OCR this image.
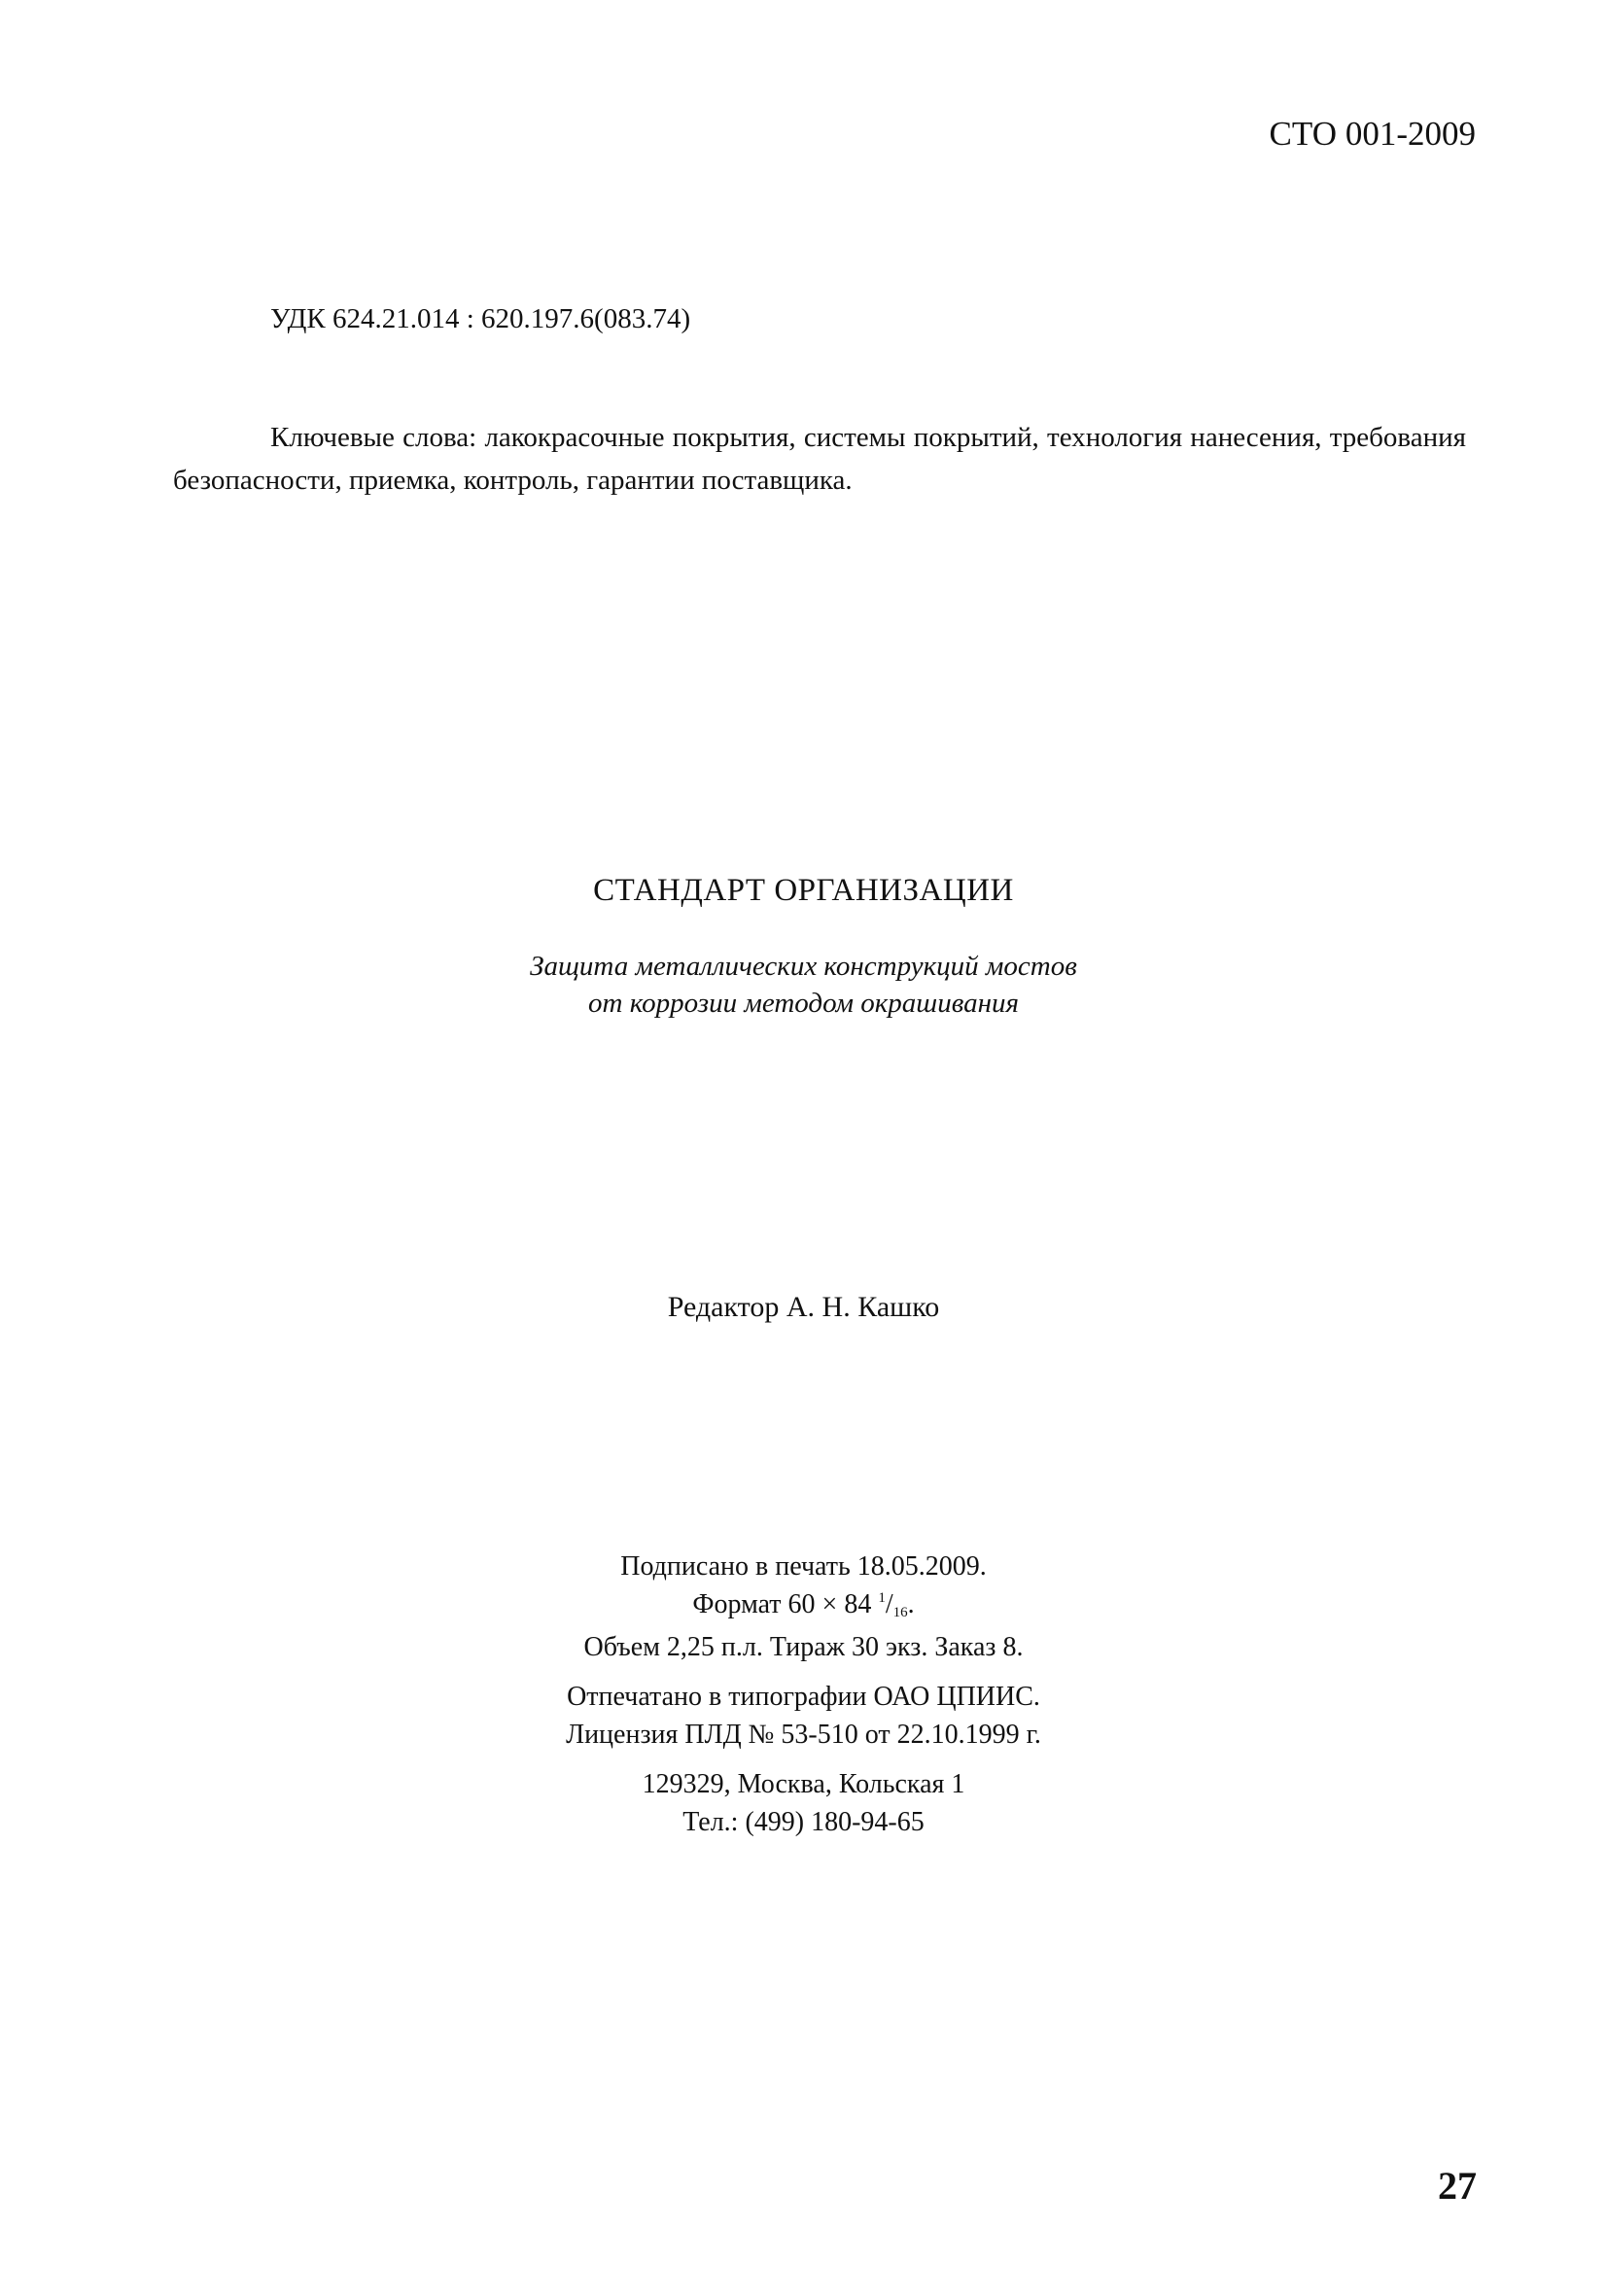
СТО 001-2009
УДК 624.21.014 : 620.197.6(083.74)
Ключевые слова: лакокрасочные покрытия, системы покрытий, технология нанесения, требования безопасности, приемка, контроль, гарантии поставщика.
СТАНДАРТ ОРГАНИЗАЦИИ
Защита металлических конструкций мостов
от коррозии методом окрашивания
Редактор А. Н. Кашко
Подписано в печать 18.05.2009.
Формат 60 × 84 $^1$/16.
Объем 2,25 п.л. Тираж 30 экз. Заказ 8.
Отпечатано в типографии ОАО ЦПИИС.
Лицензия ПЛД № 53-510 от 22.10.1999 г.
129329, Москва, Кольская 1
Тел.: (499) 180-94-65
27
